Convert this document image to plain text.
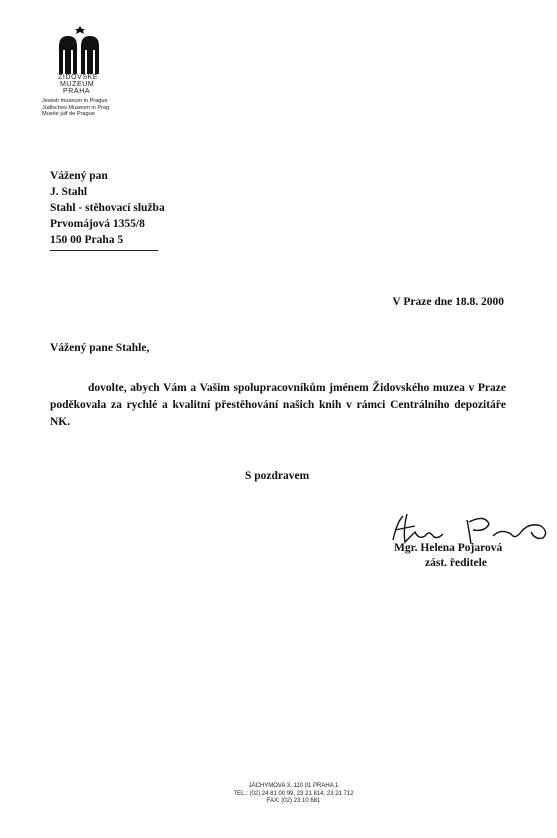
ŽIDOVSKÉ
MUZEUM
PRAHA
Jewish museum in Prague
Jüdisches Museum in Prag
Musée juif de Prague
Vážený pan
J. Stahl
Stahl - stěhovací služba
Prvomájová 1355/8
150 00 Praha 5
V Praze dne 18.8. 2000
Vážený pane Stahle,
dovolte, abych Vám a Vašim spolupracovníkům jménem Židovského muzea v Praze poděkovala za rychlé a kvalitní přestěhování našich knih v rámci Centrálního depozitáře NK.
S pozdravem
Mgr. Helena Pojarová
zást. ředitele
JÁCHYMOVA 3, 110 01 PRAHA 1
TEL.: (02) 24 81 00 99, 23 21 814, 23 21 712
FAX: (02) 23 10 681
